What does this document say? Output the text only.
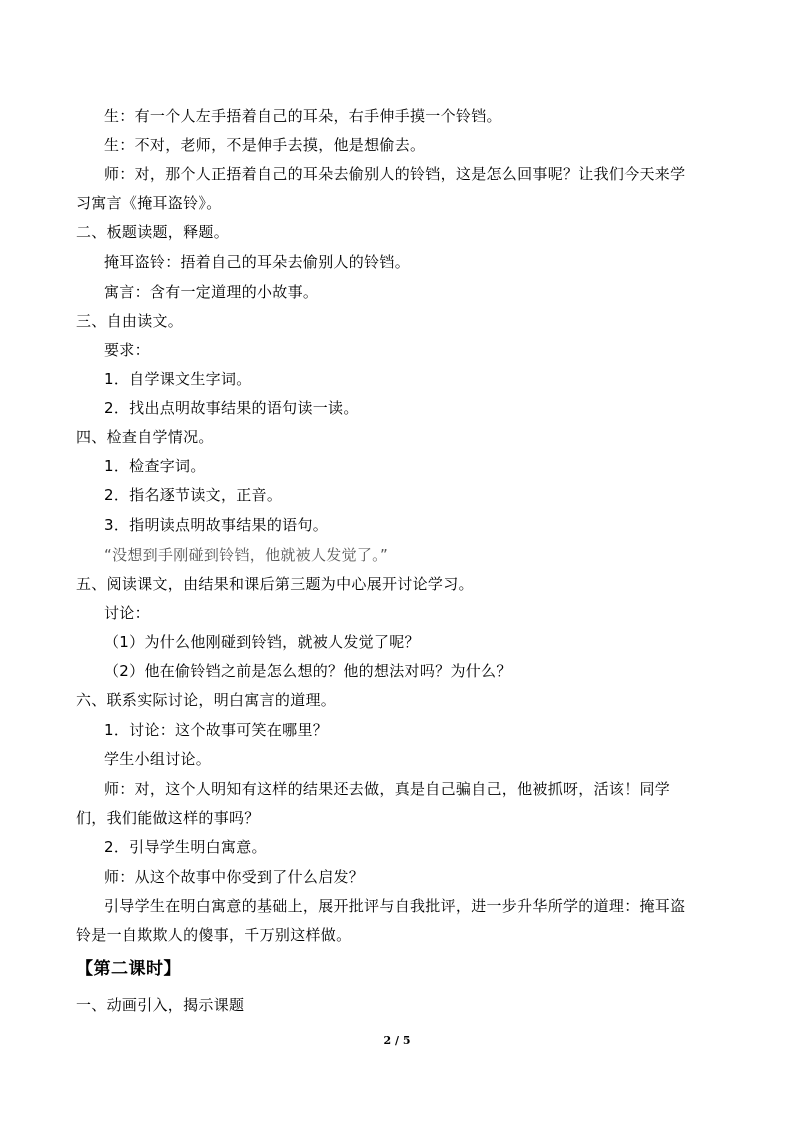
生：有一个人左手捂着自己的耳朵，右手伸手摸一个铃铛。
生：不对，老师，不是伸手去摸，他是想偷去。
师：对，那个人正捂着自己的耳朵去偷别人的铃铛，这是怎么回事呢？让我们今天来学
习寓言《掩耳盗铃》。
二、板题读题，释题。
掩耳盗铃：捂着自己的耳朵去偷别人的铃铛。
寓言：含有一定道理的小故事。
三、自由读文。
要求：
1．自学课文生字词。
2．找出点明故事结果的语句读一读。
四、检查自学情况。
1．检查字词。
2．指名逐节读文，正音。
3．指明读点明故事结果的语句。
“没想到手刚碰到铃铛，他就被人发觉了。”
五、阅读课文，由结果和课后第三题为中心展开讨论学习。
讨论：
（1）为什么他刚碰到铃铛，就被人发觉了呢？
（2）他在偷铃铛之前是怎么想的？他的想法对吗？为什么？
六、联系实际讨论，明白寓言的道理。
1．讨论：这个故事可笑在哪里？
学生小组讨论。
师：对，这个人明知有这样的结果还去做，真是自己骗自己，他被抓呀，活该！同学
们，我们能做这样的事吗？
2．引导学生明白寓意。
师：从这个故事中你受到了什么启发？
引导学生在明白寓意的基础上，展开批评与自我批评，进一步升华所学的道理：掩耳盗
铃是一自欺欺人的傻事，千万别这样做。
【第二课时】
一、动画引入，揭示课题
2 / 5
